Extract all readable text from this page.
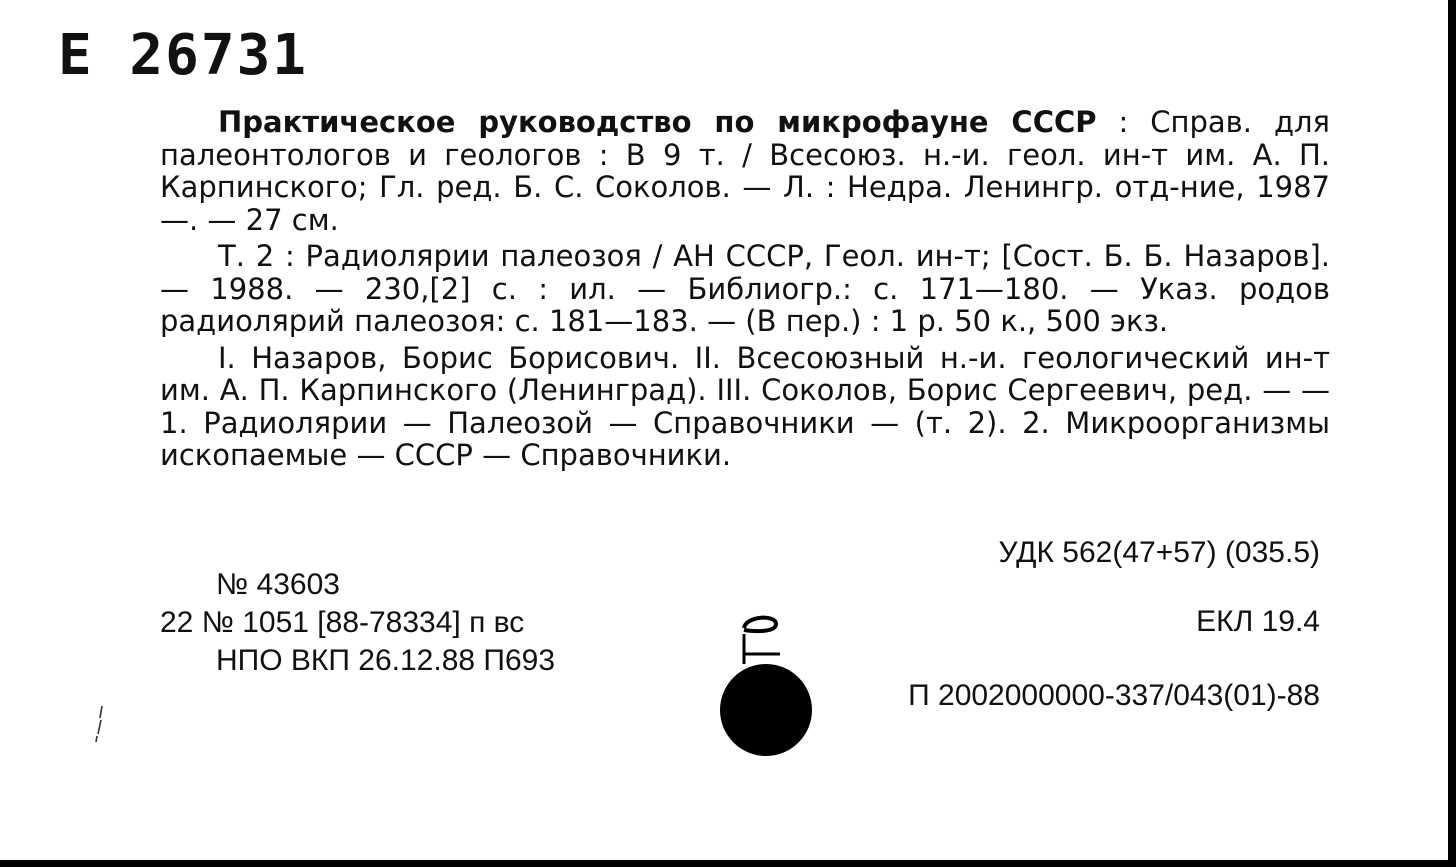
Е 26731

Практическое руководство по микрофауне СССР : Справ. для палеонтологов и геологов : В 9 т. / Всесоюз. н.-и. геол. ин-т им. А. П. Карпинского; Гл. ред. Б. С. Соколов. — Л. : Недра. Ленингр. отд-ние, 1987—. — 27 см.

Т. 2 : Радиолярии палеозоя / АН СССР, Геол. ин-т; [Сост. Б. Б. Назаров]. — 1988. — 230,[2] с. : ил. — Библиогр.: с. 171—180. — Указ. родов радиолярий палеозоя: с. 181—183. — (В пер.) : 1 р. 50 к., 500 экз.

I. Назаров, Борис Борисович. II. Всесоюзный н.-и. геологический ин-т им. А. П. Карпинского (Ленинград). III. Соколов, Борис Сергеевич, ред. — — 1. Радиолярии — Палеозой — Справочники — (т. 2). 2. Микроорганизмы ископаемые — СССР — Справочники.

УДК 562(47+57) (035.5)
№ 43603
22 № 1051 [88-78334] п вс
НПО ВКП 26.12.88 П693
ЕКЛ 19.4
П 2002000000-337/043(01)-88
